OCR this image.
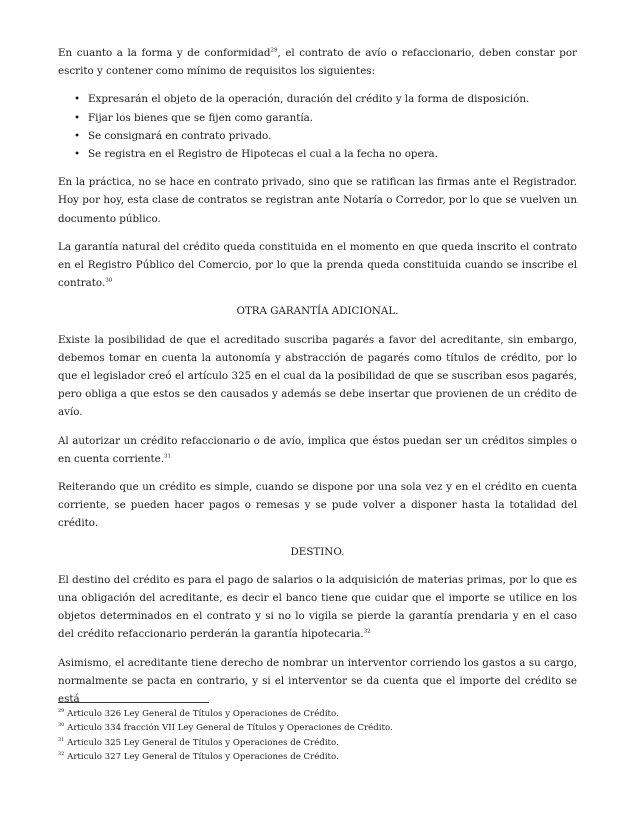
En cuanto a la forma y de conformidad$^{29}$, el contrato de avío o refaccionario, deben constar por escrito y contener como mínimo de requisitos los siguientes:

• Expresarán el objeto de la operación, duración del crédito y la forma de disposición.
• Fijar los bienes que se fijen como garantía.
• Se consignará en contrato privado.
• Se registra en el Registro de Hipotecas el cual a la fecha no opera.

En la práctica, no se hace en contrato privado, sino que se ratifican las firmas ante el Registrador. Hoy por hoy, esta clase de contratos se registran ante Notaría o Corredor, por lo que se vuelven un documento público.

La garantía natural del crédito queda constituida en el momento en que queda inscrito el contrato en el Registro Público del Comercio, por lo que la prenda queda constituida cuando se inscribe el contrato.$^{30}$

OTRA GARANTÍA ADICIONAL.

Existe la posibilidad de que el acreditado suscriba pagarés a favor del acreditante, sin embargo, debemos tomar en cuenta la autonomía y abstracción de pagarés como títulos de crédito, por lo que el legislador creó el artículo 325 en el cual da la posibilidad de que se suscriban esos pagarés, pero obliga a que estos se den causados y además se debe insertar que provienen de un crédito de avío.

Al autorizar un crédito refaccionario o de avío, implica que éstos puedan ser un créditos simples o en cuenta corriente.$^{31}$

Reiterando que un crédito es simple, cuando se dispone por una sola vez y en el crédito en cuenta corriente, se pueden hacer pagos o remesas y se pude volver a disponer hasta la totalidad del crédito.

DESTINO.

El destino del crédito es para el pago de salarios o la adquisición de materias primas, por lo que es una obligación del acreditante, es decir el banco tiene que cuidar que el importe se utilice en los objetos determinados en el contrato y si no lo vigila se pierde la garantía prendaria y en el caso del crédito refaccionario perderán la garantía hipotecaria.$^{32}$

Asimismo, el acreditante tiene derecho de nombrar un interventor corriendo los gastos a su cargo, normalmente se pacta en contrario, y si el interventor se da cuenta que el importe del crédito se está

$^{29}$ Articulo 326 Ley General de Títulos y Operaciones de Crédito.
$^{30}$ Articulo 334 fracción VII Ley General de Títulos y Operaciones de Crédito.
$^{31}$ Articulo 325 Ley General de Títulos y Operaciones de Crédito.
$^{32}$ Articulo 327 Ley General de Títulos y Operaciones de Crédito.
